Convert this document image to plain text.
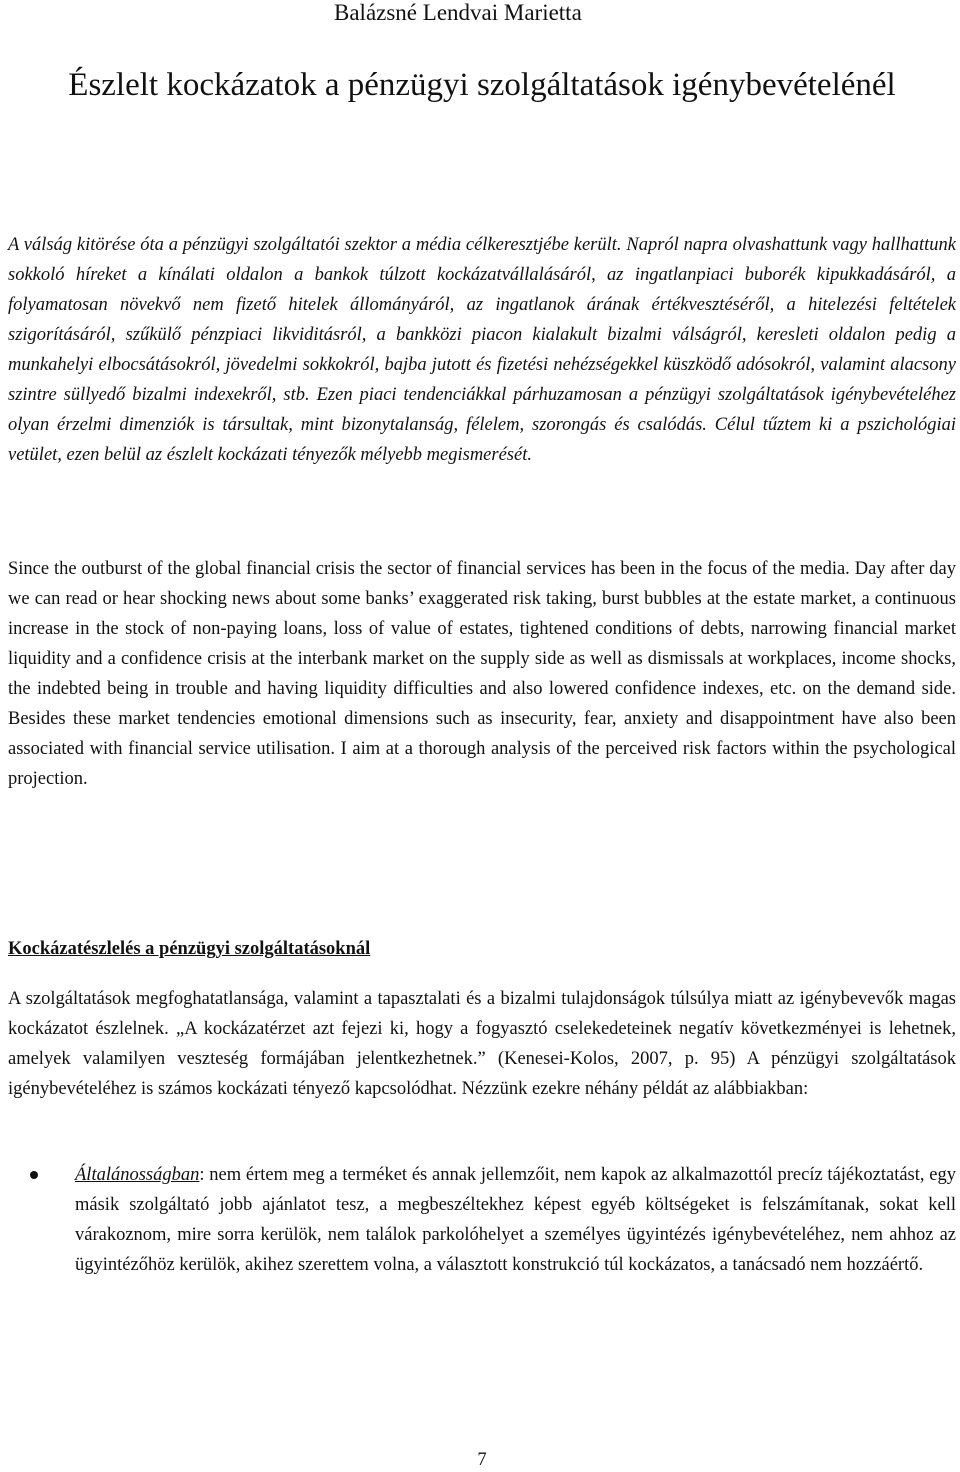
Balázsné Lendvai Marietta
Észlelt kockázatok a pénzügyi szolgáltatások igénybevételénél

A válság kitörése óta a pénzügyi szolgáltatói szektor a média célkeresztjébe került. Napról napra olvashattunk vagy hallhattunk sokkoló híreket a kínálati oldalon a bankok túlzott kockázatvállalásáról, az ingatlanpiaci buborék kipukkadásáról, a folyamatosan növekvő nem fizető hitelek állományáról, az ingatlanok árának értékvesztéséről, a hitelezési feltételek szigorításáról, szűkülő pénzpiaci likviditásról, a bankközi piacon kialakult bizalmi válságról, keresleti oldalon pedig a munkahelyi elbocsátásokról, jövedelmi sokkokról, bajba jutott és fizetési nehézségekkel küszködő adósokról, valamint alacsony szintre süllyedő bizalmi indexekről, stb. Ezen piaci tendenciákkal párhuzamosan a pénzügyi szolgáltatások igénybevételéhez olyan érzelmi dimenziók is társultak, mint bizonytalanság, félelem, szorongás és csalódás. Célul tűztem ki a pszichológiai vetület, ezen belül az észlelt kockázati tényezők mélyebb megismerését.

Since the outburst of the global financial crisis the sector of financial services has been in the focus of the media. Day after day we can read or hear shocking news about some banks’ exaggerated risk taking, burst bubbles at the estate market, a continuous increase in the stock of non-paying loans, loss of value of estates, tightened conditions of debts, narrowing financial market liquidity and a confidence crisis at the interbank market on the supply side as well as dismissals at workplaces, income shocks, the indebted being in trouble and having liquidity difficulties and also lowered confidence indexes, etc. on the demand side. Besides these market tendencies emotional dimensions such as insecurity, fear, anxiety and disappointment have also been associated with financial service utilisation. I aim at a thorough analysis of the perceived risk factors within the psychological projection.

Kockázatészlelés a pénzügyi szolgáltatásoknál

A szolgáltatások megfoghatatlansága, valamint a tapasztalati és a bizalmi tulajdonságok túlsúlya miatt az igénybevevők magas kockázatot észlelnek. „A kockázatérzet azt fejezi ki, hogy a fogyasztó cselekedeteinek negatív következményei is lehetnek, amelyek valamilyen veszteség formájában jelentkezhetnek.” (Kenesei-Kolos, 2007, p. 95) A pénzügyi szolgáltatások igénybevételéhez is számos kockázati tényező kapcsolódhat. Nézzünk ezekre néhány példát az alábbiakban:

Általánosságban: nem értem meg a terméket és annak jellemzőit, nem kapok az alkalmazottól precíz tájékoztatást, egy másik szolgáltató jobb ajánlatot tesz, a megbeszéltekhez képest egyéb költségeket is felszámítanak, sokat kell várakoznom, mire sorra kerülök, nem találok parkolóhelyet a személyes ügyintézés igénybevételéhez, nem ahhoz az ügyintézőhöz kerülök, akihez szerettem volna, a választott konstrukció túl kockázatos, a tanácsadó nem hozzáértő.
7
